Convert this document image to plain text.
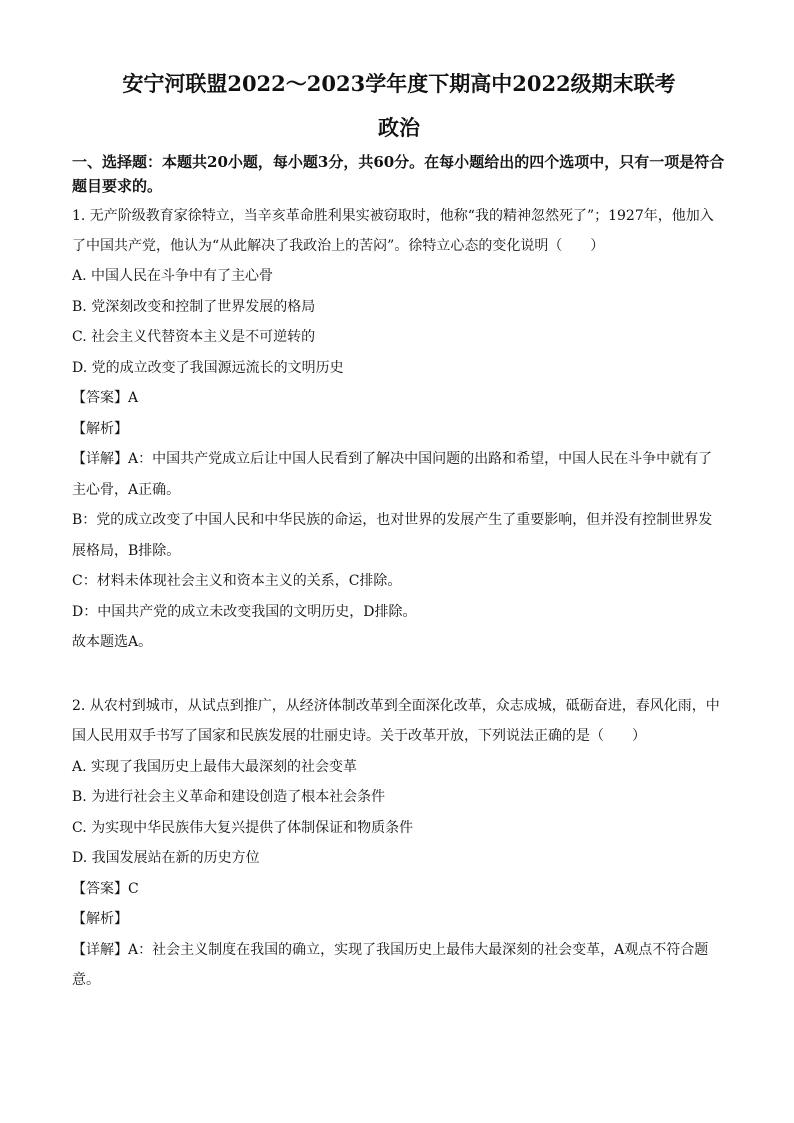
安宁河联盟2022～2023学年度下期高中2022级期末联考
政治

一、选择题：本题共20小题，每小题3分，共60分。在每小题给出的四个选项中，只有一项是符合题目要求的。

1. 无产阶级教育家徐特立，当辛亥革命胜利果实被窃取时，他称“我的精神忽然死了”；1927年，他加入了中国共产党，他认为“从此解决了我政治上的苦闷”。徐特立心态的变化说明（　　）

A. 中国人民在斗争中有了主心骨

B. 党深刻改变和控制了世界发展的格局

C. 社会主义代替资本主义是不可逆转的

D. 党的成立改变了我国源远流长的文明历史

【答案】A

【解析】

【详解】A：中国共产党成立后让中国人民看到了解决中国问题的出路和希望，中国人民在斗争中就有了主心骨，A正确。

B：党的成立改变了中国人民和中华民族的命运，也对世界的发展产生了重要影响，但并没有控制世界发展格局，B排除。

C：材料未体现社会主义和资本主义的关系，C排除。

D：中国共产党的成立未改变我国的文明历史，D排除。

故本题选A。

2. 从农村到城市，从试点到推广，从经济体制改革到全面深化改革，众志成城，砥砺奋进，春风化雨，中国人民用双手书写了国家和民族发展的壮丽史诗。关于改革开放，下列说法正确的是（　　）

A. 实现了我国历史上最伟大最深刻的社会变革

B. 为进行社会主义革命和建设创造了根本社会条件

C. 为实现中华民族伟大复兴提供了体制保证和物质条件

D. 我国发展站在新的历史方位

【答案】C

【解析】

【详解】A：社会主义制度在我国的确立，实现了我国历史上最伟大最深刻的社会变革，A观点不符合题意。
